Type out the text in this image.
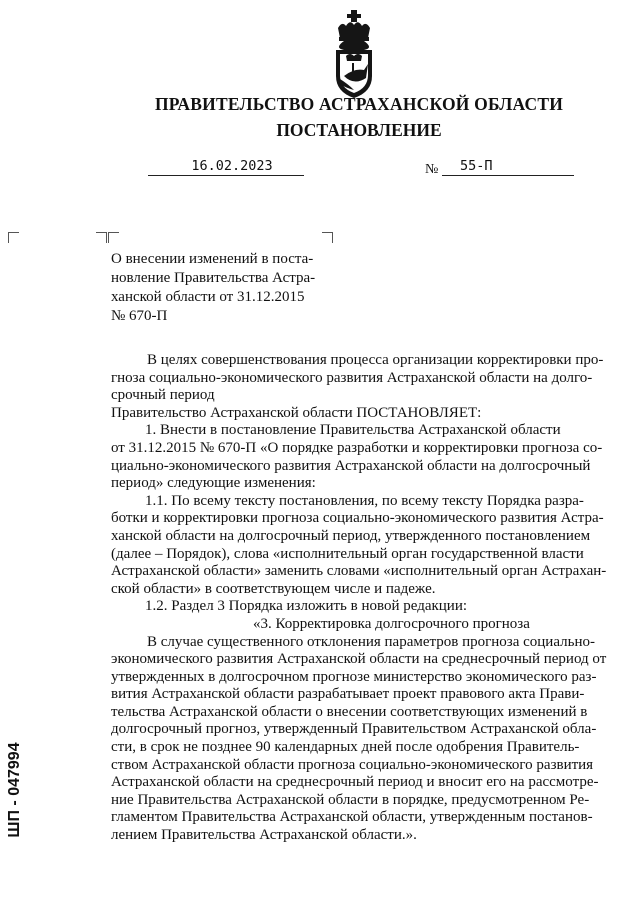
ПРАВИТЕЛЬСТВО АСТРАХАНСКОЙ ОБЛАСТИ
ПОСТАНОВЛЕНИЕ
16.02.2023	№	55-П
О внесении изменений в поста-
новление Правительства Астра-
ханской области от 31.12.2015
№ 670-П
В целях совершенствования процесса организации корректировки про-
гноза социально-экономического развития Астраханской области на долго-
срочный период
Правительство Астраханской области ПОСТАНОВЛЯЕТ:
1. Внести в постановление Правительства Астраханской области
от 31.12.2015 № 670-П «О порядке разработки и корректировки прогноза со-
циально-экономического развития Астраханской области на долгосрочный
период» следующие изменения:
1.1. По всему тексту постановления, по всему тексту Порядка разра-
ботки и корректировки прогноза социально-экономического развития Астра-
ханской области на долгосрочный период, утвержденного постановлением
(далее – Порядок), слова «исполнительный орган государственной власти
Астраханской области» заменить словами «исполнительный орган Астрахан-
ской области» в соответствующем числе и падеже.
1.2. Раздел 3 Порядка изложить в новой редакции:
«3. Корректировка долгосрочного прогноза
В случае существенного отклонения параметров прогноза социально-
экономического развития Астраханской области на среднесрочный период от
утвержденных в долгосрочном прогнозе министерство экономического раз-
вития Астраханской области разрабатывает проект правового акта Прави-
тельства Астраханской области о внесении соответствующих изменений в
долгосрочный прогноз, утвержденный Правительством Астраханской обла-
сти, в срок не позднее 90 календарных дней после одобрения Правитель-
ством Астраханской области прогноза социально-экономического развития
Астраханской области на среднесрочный период и вносит его на рассмотре-
ние Правительства Астраханской области в порядке, предусмотренном Ре-
гламентом Правительства Астраханской области, утвержденным постанов-
лением Правительства Астраханской области.».
ШП - 047994
